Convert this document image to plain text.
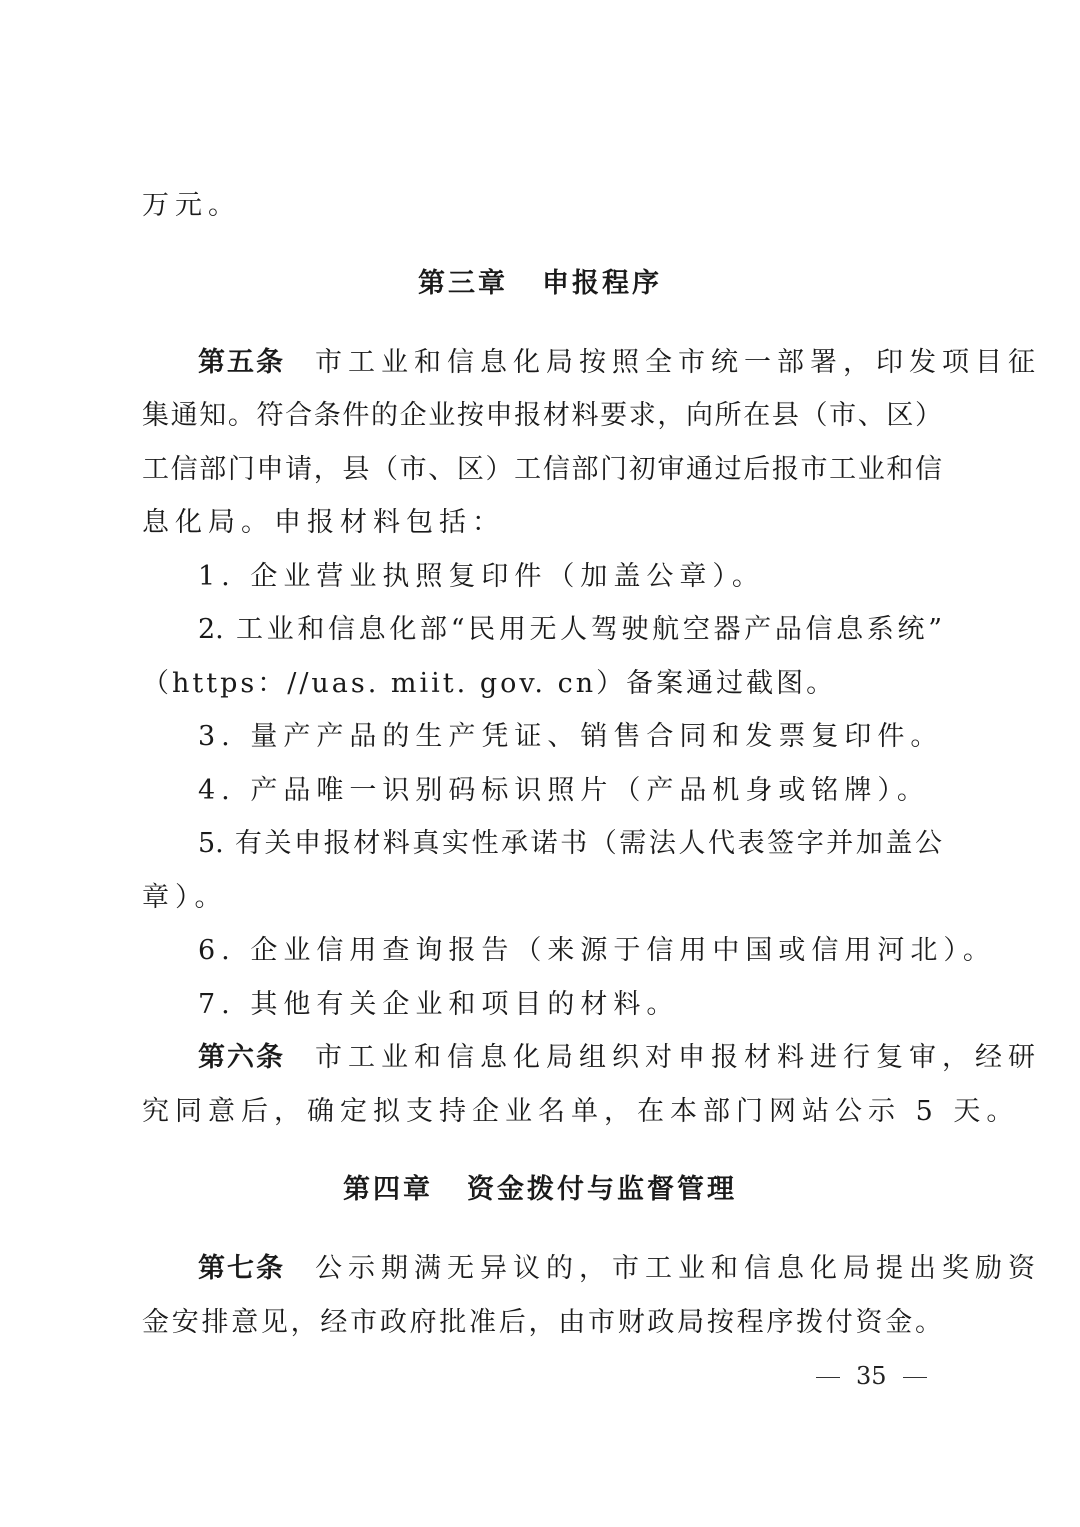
万元。
第三章 申报程序
第五条 市工业和信息化局按照全市统一部署，印发项目征
集通知。符合条件的企业按申报材料要求，向所在县（市、区）
工信部门申请，县（市、区）工信部门初审通过后报市工业和信
息化局。申报材料包括：
1. 企业营业执照复印件（加盖公章）。
2. 工业和信息化部“民用无人驾驶航空器产品信息系统”
（https：//uas. miit. gov. cn）备案通过截图。
3. 量产产品的生产凭证、销售合同和发票复印件。
4. 产品唯一识别码标识照片（产品机身或铭牌）。
5. 有关申报材料真实性承诺书（需法人代表签字并加盖公
章）。
6. 企业信用查询报告（来源于信用中国或信用河北）。
7. 其他有关企业和项目的材料。
第六条 市工业和信息化局组织对申报材料进行复审，经研
究同意后，确定拟支持企业名单，在本部门网站公示 5 天。
第四章 资金拨付与监督管理
第七条 公示期满无异议的，市工业和信息化局提出奖励资
金安排意见，经市政府批准后，由市财政局按程序拨付资金。
35
